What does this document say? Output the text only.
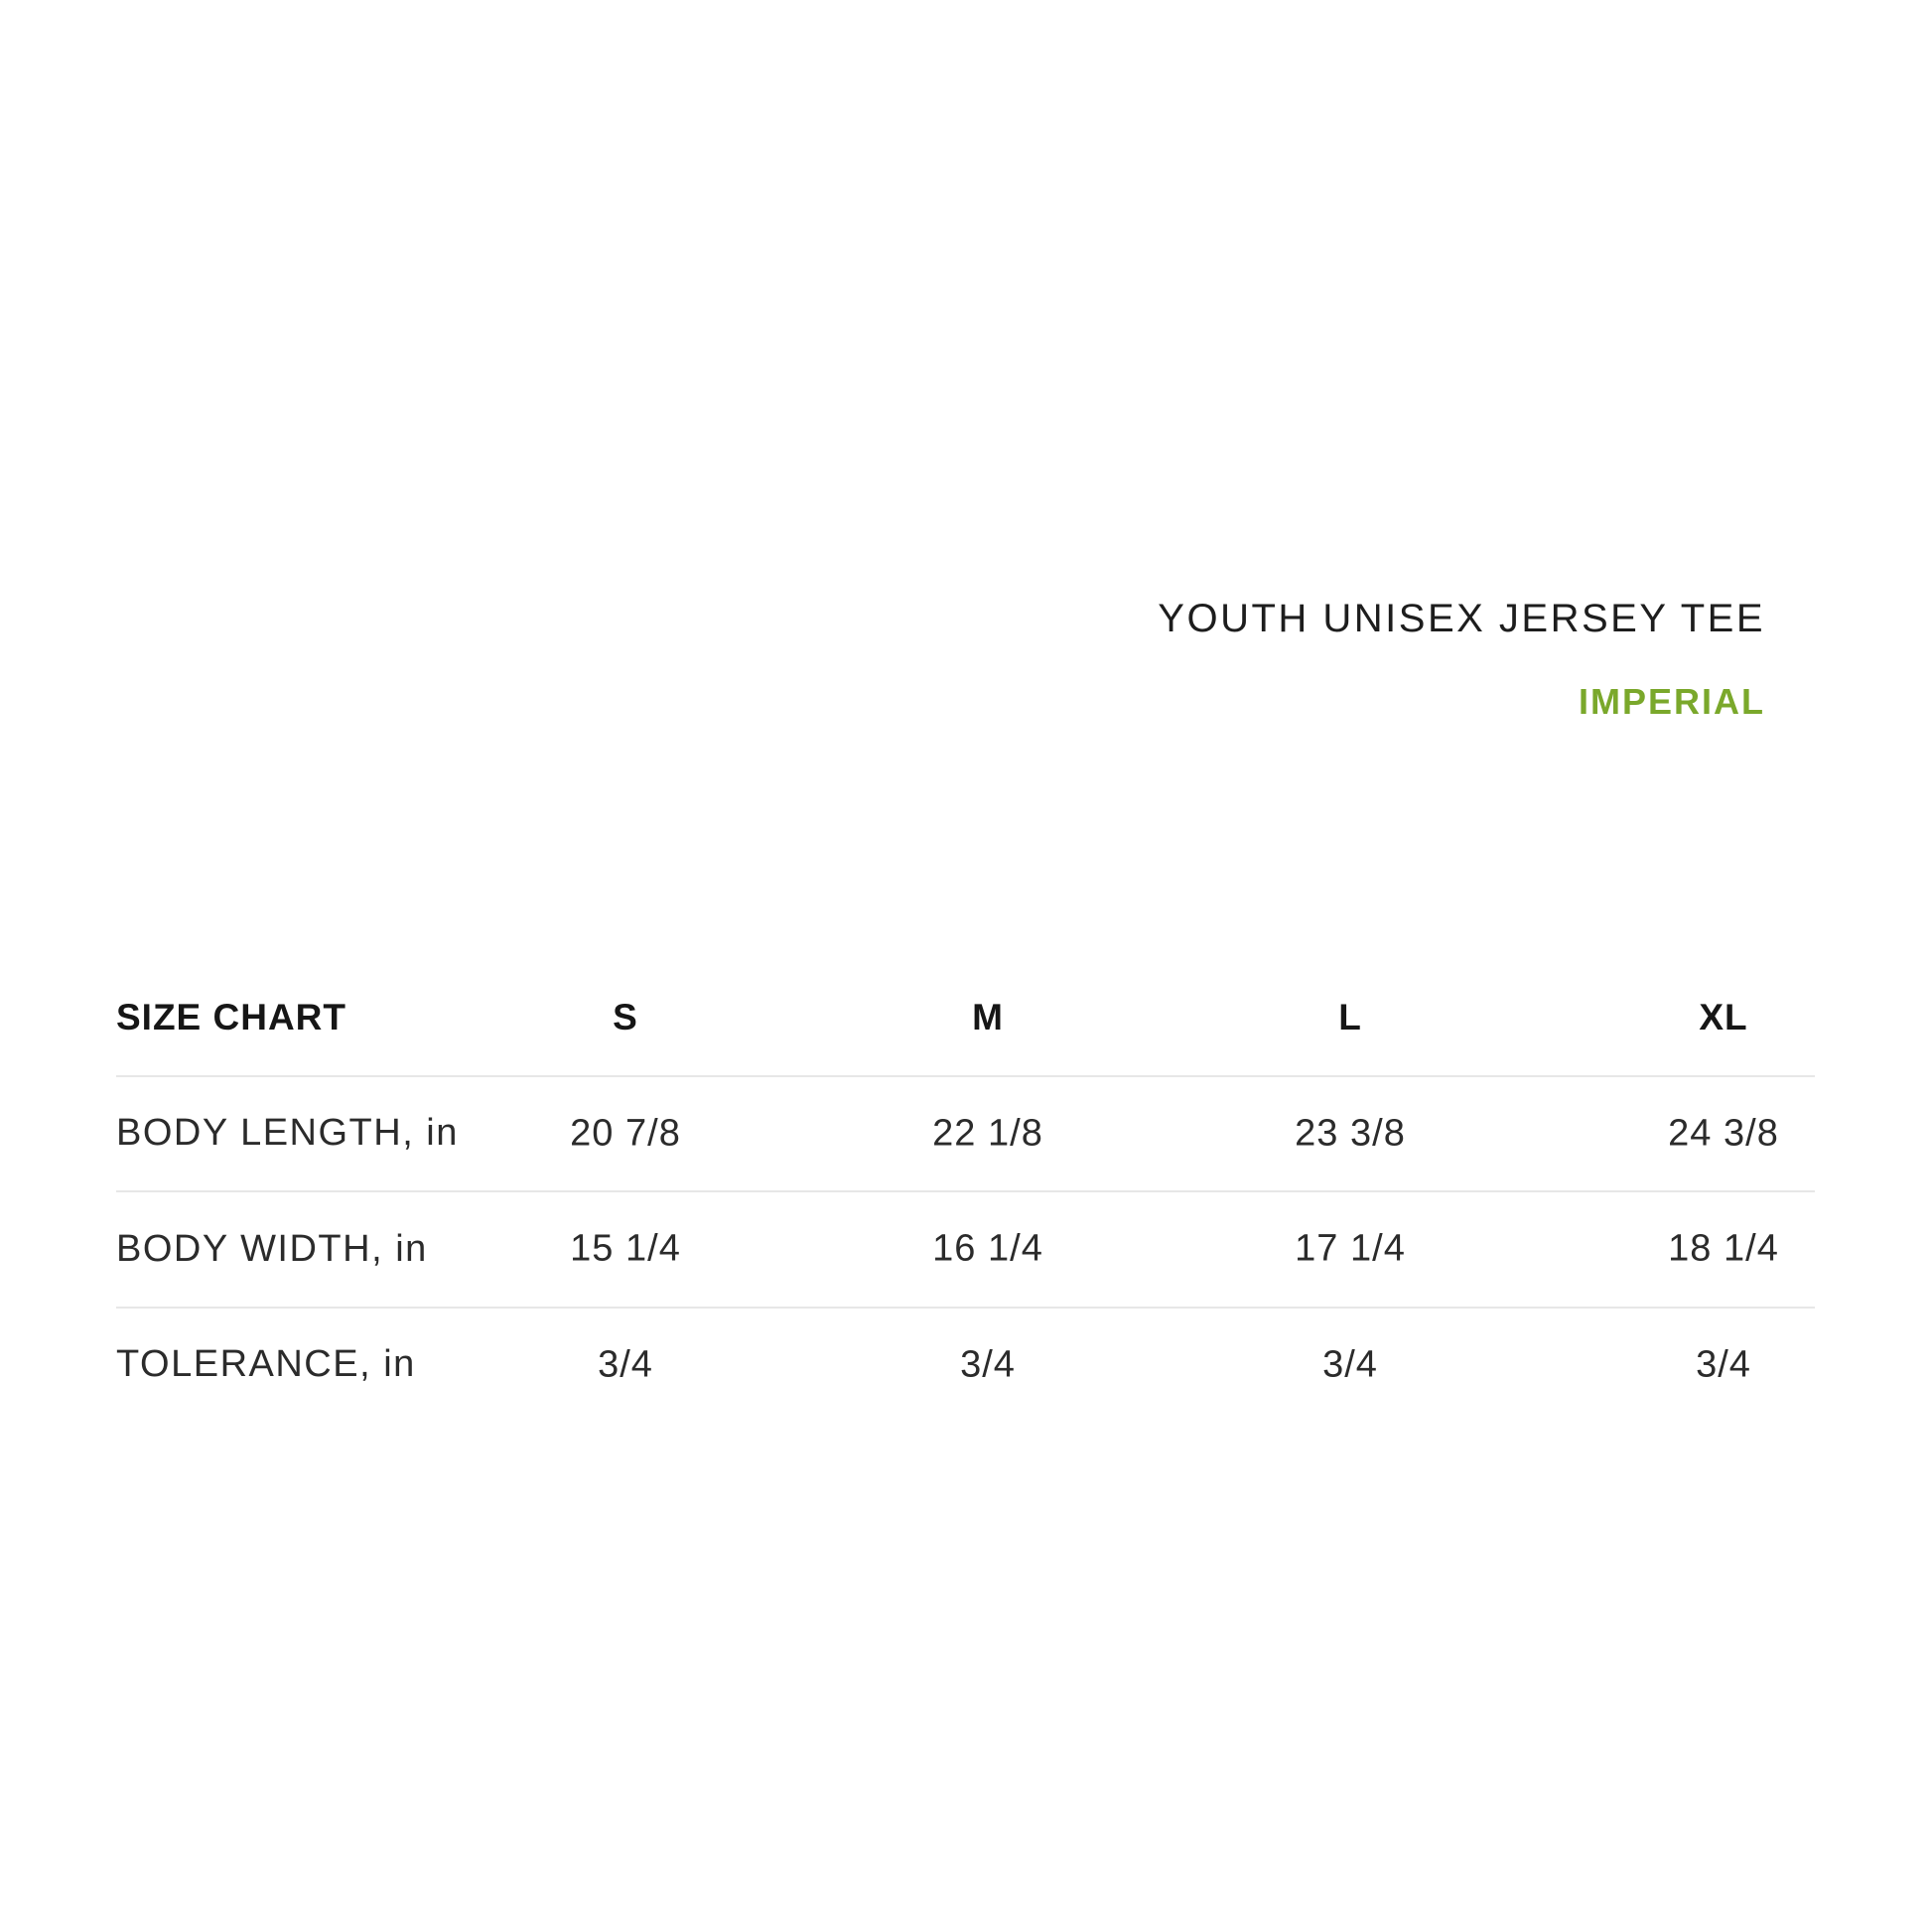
YOUTH UNISEX JERSEY TEE
IMPERIAL
SIZE CHART	S	M	L	XL
BODY LENGTH, in	20 7/8	22 1/8	23 3/8	24 3/8
BODY WIDTH, in	15 1/4	16 1/4	17 1/4	18 1/4
TOLERANCE, in	3/4	3/4	3/4	3/4
